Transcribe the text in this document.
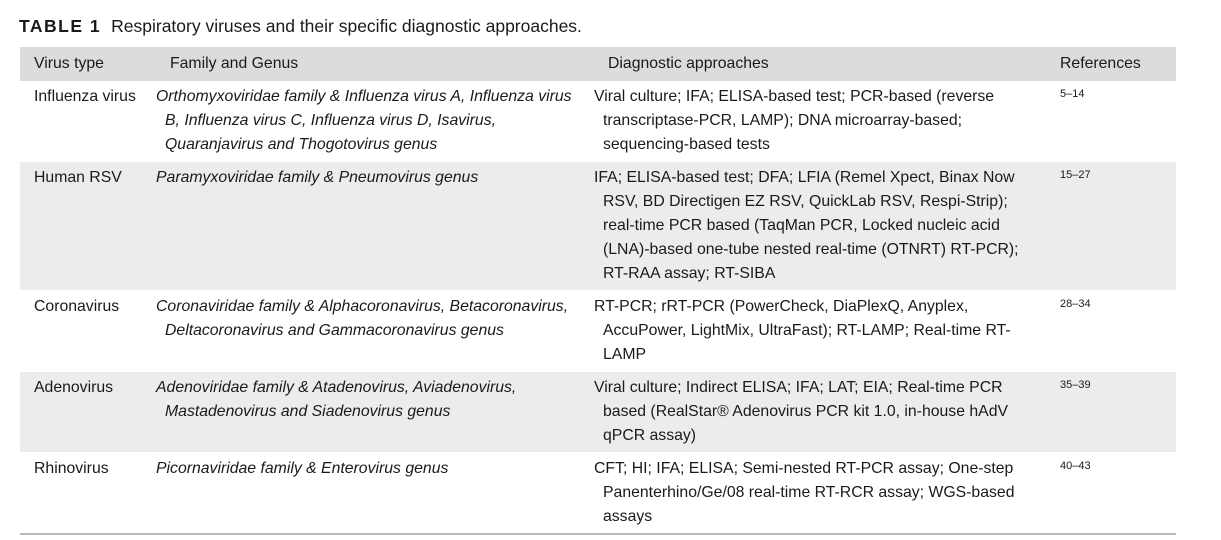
TABLE 1 Respiratory viruses and their specific diagnostic approaches.
Virus type	Family and Genus	Diagnostic approaches	References
Influenza virus	Orthomyxoviridae family & Influenza virus A, Influenza virus B, Influenza virus C, Influenza virus D, Isavirus, Quaranjavirus and Thogotovirus genus	Viral culture; IFA; ELISA-based test; PCR-based (reverse transcriptase-PCR, LAMP); DNA microarray-based; sequencing-based tests	5–14
Human RSV	Paramyxoviridae family & Pneumovirus genus	IFA; ELISA-based test; DFA; LFIA (Remel Xpect, Binax Now RSV, BD Directigen EZ RSV, QuickLab RSV, Respi-Strip); real-time PCR based (TaqMan PCR, Locked nucleic acid (LNA)-based one-tube nested real-time (OTNRT) RT-PCR); RT-RAA assay; RT-SIBA	15–27
Coronavirus	Coronaviridae family & Alphacoronavirus, Betacoronavirus, Deltacoronavirus and Gammacoronavirus genus	RT-PCR; rRT-PCR (PowerCheck, DiaPlexQ, Anyplex, AccuPower, LightMix, UltraFast); RT-LAMP; Real-time RT-LAMP	28–34
Adenovirus	Adenoviridae family & Atadenovirus, Aviadenovirus, Mastadenovirus and Siadenovirus genus	Viral culture; Indirect ELISA; IFA; LAT; EIA; Real-time PCR based (RealStar® Adenovirus PCR kit 1.0, in-house hAdV qPCR assay)	35–39
Rhinovirus	Picornaviridae family & Enterovirus genus	CFT; HI; IFA; ELISA; Semi-nested RT-PCR assay; One-step Panenterhino/Ge/08 real-time RT-RCR assay; WGS-based assays	40–43
